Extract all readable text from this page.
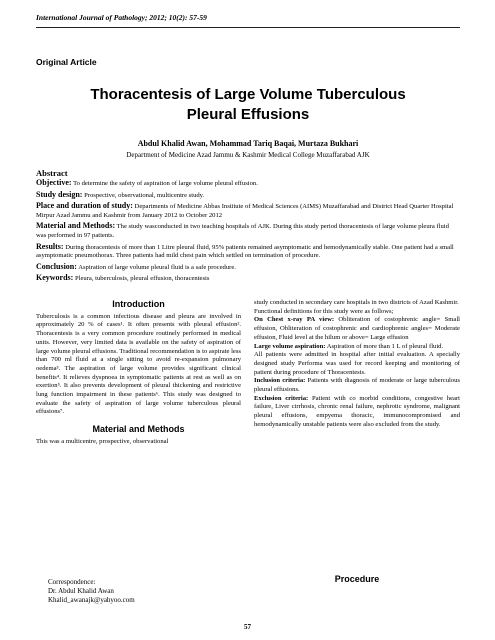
International Journal of Pathology; 2012; 10(2): 57-59
Original Article
Thoracentesis of Large Volume Tuberculous
Pleural Effusions
Abdul Khalid Awan, Mohammad Tariq Baqai, Murtaza Bukhari
Department of Medicine Azad Jammu & Kashmir Medical College Muzaffarabad AJK
Abstract

Objective: To determine the safety of aspiration of large volume pleural effusion.

Study design: Prospective, observational, multicentre study.

Place and duration of study: Departments of Medicine Abbas Institute of Medical Sciences (AIMS) Muzaffarabad and District Head Quarter Hospital Mirpur Azad Jammu and Kashmir from January 2012 to October 2012

Material and Methods: The study wasconducted in two teaching hospitals of AJK. During this study period thoracentesis of large volume pleura fluid was performed in 97 patients.

Results: During thoracentesis of more than 1 Litre pleural fluid, 95% patients remained asymptomatic and hemodynamically stable. One patient had a small asymptomatic pneumothorax. Three patients had mild chest pain which settled on termination of procedure.

Conclusion: Aspiration of large volume pleural fluid is a safe procedure.

Keywords: Pleura, tuberculosis, pleural effusion, thoracentesis

Introduction

Tuberculosis is a common infectious disease and pleura are involved in approximately 20 % of cases¹. It often presents with pleural effusion². Thoracentesis is a very common procedure routinely performed in medical units. However, very limited data is available on the safety of aspiration of large volume pleural effusions. Traditional recommendation is to aspirate less than 700 ml fluid at a single sitting to avoid re-expansion pulmonary oedema³. The aspiration of large volume provides significant clinical benefits⁴. It relieves dyspnoea in symptomatic patients at rest as well as on exertion⁵. It also prevents development of pleural thickening and restrictive lung function impairment in these patients⁶. This study was designed to evaluate the safety of aspiration of large volume tuberculous pleural effusions⁷.

Material and Methods

This was a multicentre, prospective, observational

Correspondence:
Dr. Abdul Khalid Awan
Khalid_awanajk@yahyoo.com

study conducted in secondary care hospitals in two districts of Azad Kashmir.

Functional definitions for this study were as follows;

On Chest x-ray PA view: Obliteration of costophrenic angle= Small effusion, Obliteration of costophrenic and cardiophrenic angles= Moderate effusion, Fluid level at the hilum or above= Large effusion

Large volume aspiration: Aspiration of more than 1 L of pleural fluid.

All patients were admitted in hospital after initial evaluation. A specially designed study Performa was used for record keeping and monitoring of patient during procedure of Thoracentesis.

Inclusion criteria: Patients with diagnosis of moderate or large tuberculous pleural effusions.

Exclusion criteria: Patient with co morbid conditions, congestive heart failure, Liver cirrhosis, chronic renal failure, nephrotic syndrome, malignant pleural effusions, empyema thoracic, immunocompromised and hemodynamically unstable patients were also excluded from the study.

Procedure
57
